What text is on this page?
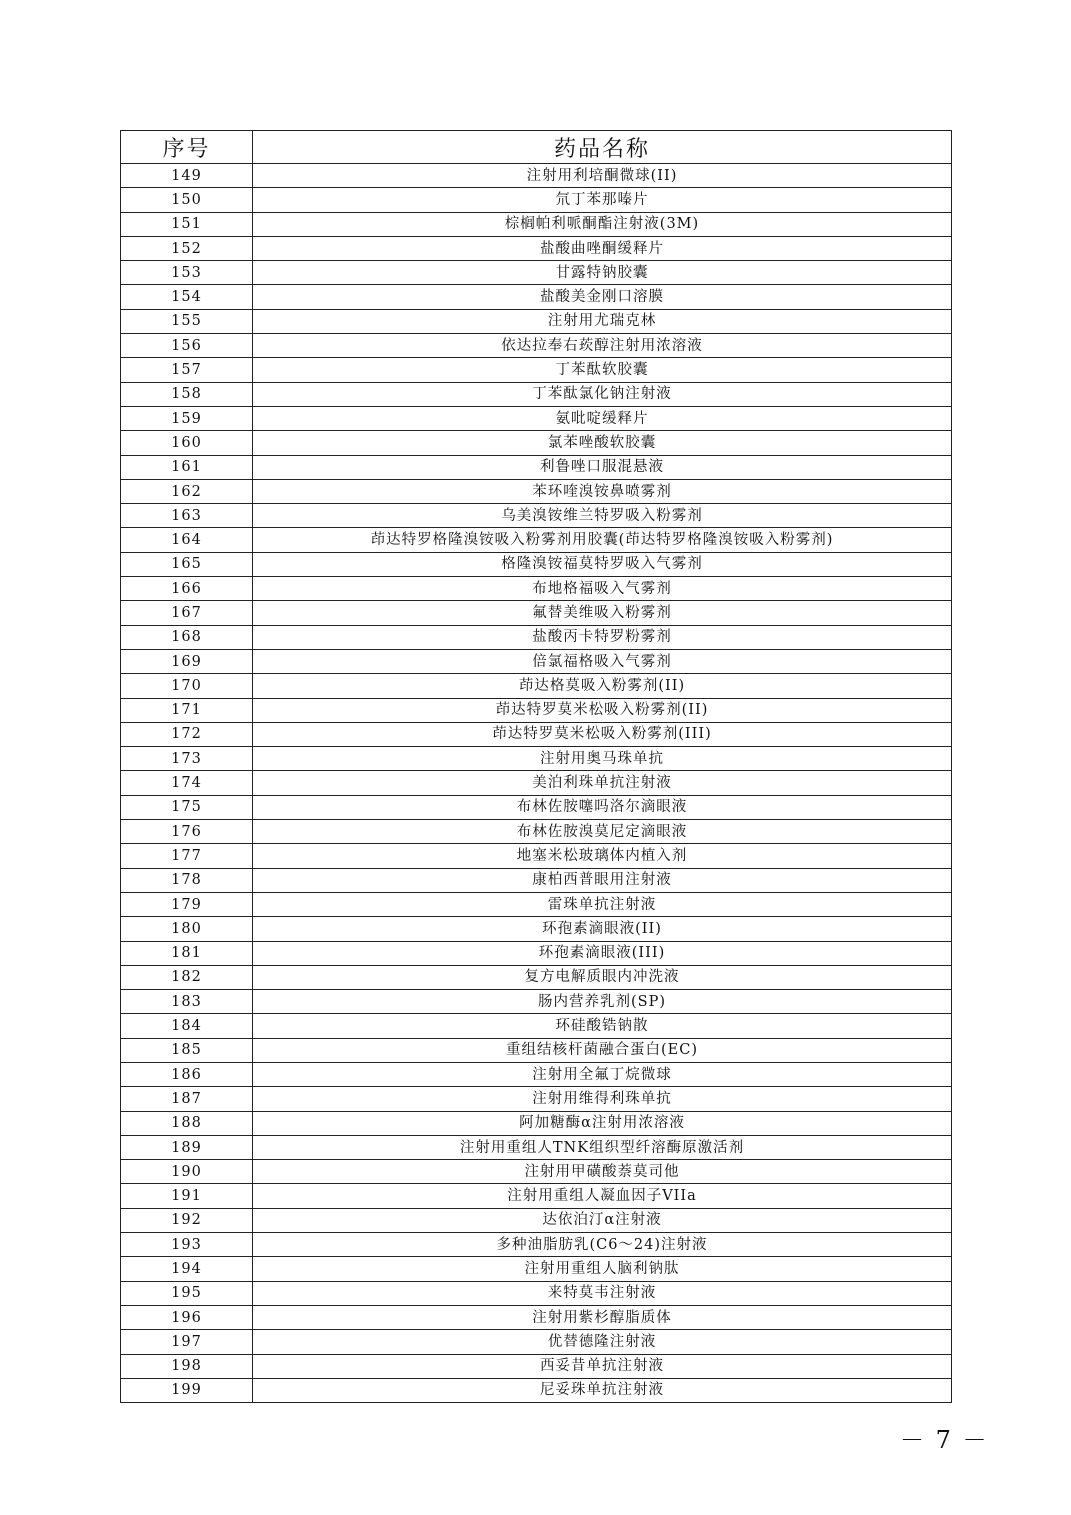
序号	药品名称
149	注射用利培酮微球(II)
150	氘丁苯那嗪片
151	棕榈帕利哌酮酯注射液(3M)
152	盐酸曲唑酮缓释片
153	甘露特钠胶囊
154	盐酸美金刚口溶膜
155	注射用尤瑞克林
156	依达拉奉右莰醇注射用浓溶液
157	丁苯酞软胶囊
158	丁苯酞氯化钠注射液
159	氨吡啶缓释片
160	氯苯唑酸软胶囊
161	利鲁唑口服混悬液
162	苯环喹溴铵鼻喷雾剂
163	乌美溴铵维兰特罗吸入粉雾剂
164	茚达特罗格隆溴铵吸入粉雾剂用胶囊(茚达特罗格隆溴铵吸入粉雾剂)
165	格隆溴铵福莫特罗吸入气雾剂
166	布地格福吸入气雾剂
167	氟替美维吸入粉雾剂
168	盐酸丙卡特罗粉雾剂
169	倍氯福格吸入气雾剂
170	茚达格莫吸入粉雾剂(II)
171	茚达特罗莫米松吸入粉雾剂(II)
172	茚达特罗莫米松吸入粉雾剂(III)
173	注射用奥马珠单抗
174	美泊利珠单抗注射液
175	布林佐胺噻吗洛尔滴眼液
176	布林佐胺溴莫尼定滴眼液
177	地塞米松玻璃体内植入剂
178	康柏西普眼用注射液
179	雷珠单抗注射液
180	环孢素滴眼液(II)
181	环孢素滴眼液(III)
182	复方电解质眼内冲洗液
183	肠内营养乳剂(SP)
184	环硅酸锆钠散
185	重组结核杆菌融合蛋白(EC)
186	注射用全氟丁烷微球
187	注射用维得利珠单抗
188	阿加糖酶α注射用浓溶液
189	注射用重组人TNK组织型纤溶酶原激活剂
190	注射用甲磺酸萘莫司他
191	注射用重组人凝血因子VIIa
192	达依泊汀α注射液
193	多种油脂肪乳(C6～24)注射液
194	注射用重组人脑利钠肽
195	来特莫韦注射液
196	注射用紫杉醇脂质体
197	优替德隆注射液
198	西妥昔单抗注射液
199	尼妥珠单抗注射液
－ 7 －
